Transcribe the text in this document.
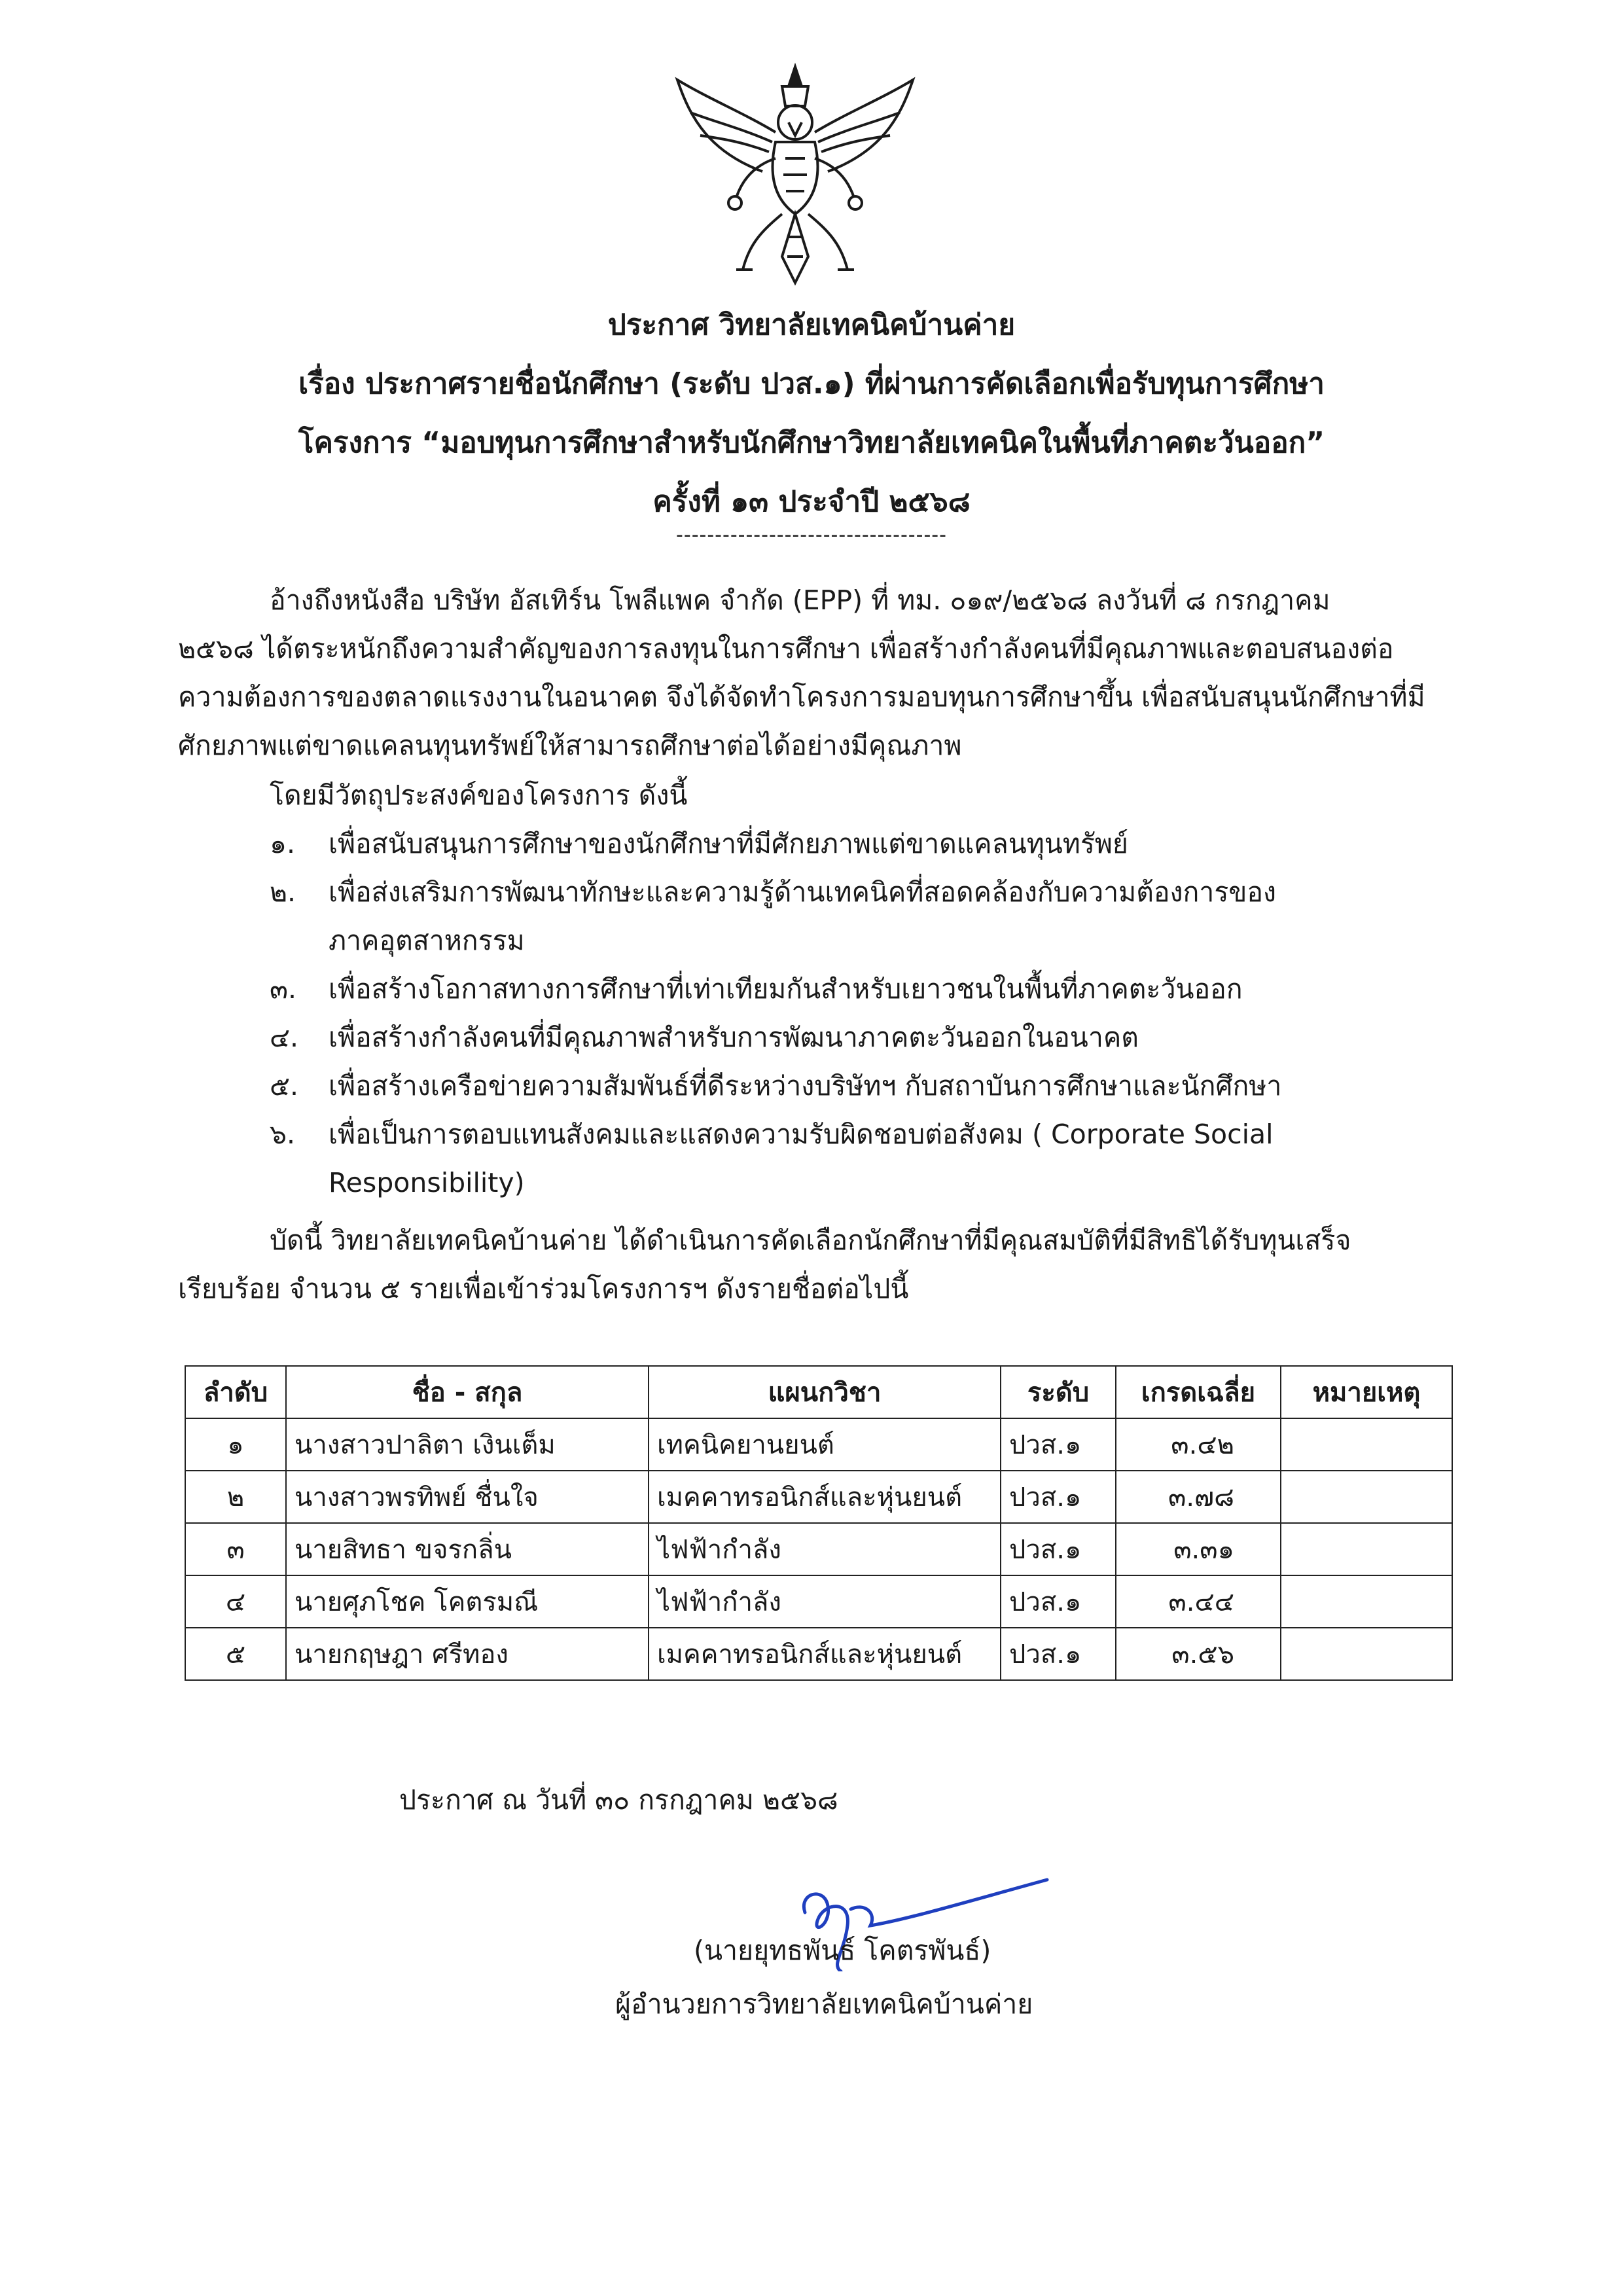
ประกาศ วิทยาลัยเทคนิคบ้านค่าย
เรื่อง ประกาศรายชื่อนักศึกษา (ระดับ ปวส.๑) ที่ผ่านการคัดเลือกเพื่อรับทุนการศึกษา
โครงการ “มอบทุนการศึกษาสำหรับนักศึกษาวิทยาลัยเทคนิคในพื้นที่ภาคตะวันออก”
ครั้งที่ ๑๓ ประจำปี ๒๕๖๘
-----------------------------------
อ้างถึงหนังสือ บริษัท อัสเทิร์น โพลีแพค จำกัด (EPP) ที่ ทม. ๐๑๙/๒๕๖๘ ลงวันที่ ๘ กรกฎาคม
๒๕๖๘ ได้ตระหนักถึงความสำคัญของการลงทุนในการศึกษา เพื่อสร้างกำลังคนที่มีคุณภาพและตอบสนองต่อ
ความต้องการของตลาดแรงงานในอนาคต จึงได้จัดทำโครงการมอบทุนการศึกษาขึ้น เพื่อสนับสนุนนักศึกษาที่มี
ศักยภาพแต่ขาดแคลนทุนทรัพย์ให้สามารถศึกษาต่อได้อย่างมีคุณภาพ
โดยมีวัตถุประสงค์ของโครงการ ดังนี้
๑. เพื่อสนับสนุนการศึกษาของนักศึกษาที่มีศักยภาพแต่ขาดแคลนทุนทรัพย์
๒. เพื่อส่งเสริมการพัฒนาทักษะและความรู้ด้านเทคนิคที่สอดคล้องกับความต้องการของ
ภาคอุตสาหกรรม
๓. เพื่อสร้างโอกาสทางการศึกษาที่เท่าเทียมกันสำหรับเยาวชนในพื้นที่ภาคตะวันออก
๔. เพื่อสร้างกำลังคนที่มีคุณภาพสำหรับการพัฒนาภาคตะวันออกในอนาคต
๕. เพื่อสร้างเครือข่ายความสัมพันธ์ที่ดีระหว่างบริษัทฯ กับสถาบันการศึกษาและนักศึกษา
๖. เพื่อเป็นการตอบแทนสังคมและแสดงความรับผิดชอบต่อสังคม ( Corporate Social
Responsibility)
บัดนี้ วิทยาลัยเทคนิคบ้านค่าย ได้ดำเนินการคัดเลือกนักศึกษาที่มีคุณสมบัติที่มีสิทธิได้รับทุนเสร็จ
เรียบร้อย จำนวน ๕ รายเพื่อเข้าร่วมโครงการฯ ดังรายชื่อต่อไปนี้
ลำดับ	ชื่อ - สกุล	แผนกวิชา	ระดับ	เกรดเฉลี่ย	หมายเหตุ
๑	นางสาวปาลิตา เงินเต็ม	เทคนิคยานยนต์	ปวส.๑	๓.๔๒	
๒	นางสาวพรทิพย์ ชื่นใจ	เมคคาทรอนิกส์และหุ่นยนต์	ปวส.๑	๓.๗๘	
๓	นายสิทธา ขจรกลิ่น	ไฟฟ้ากำลัง	ปวส.๑	๓.๓๑	
๔	นายศุภโชค โคตรมณี	ไฟฟ้ากำลัง	ปวส.๑	๓.๔๔	
๕	นายกฤษฎา ศรีทอง	เมคคาทรอนิกส์และหุ่นยนต์	ปวส.๑	๓.๕๖	
ประกาศ ณ วันที่ ๓๐ กรกฎาคม ๒๕๖๘
(นายยุทธพันธ์ โคตรพันธ์)
ผู้อำนวยการวิทยาลัยเทคนิคบ้านค่าย
